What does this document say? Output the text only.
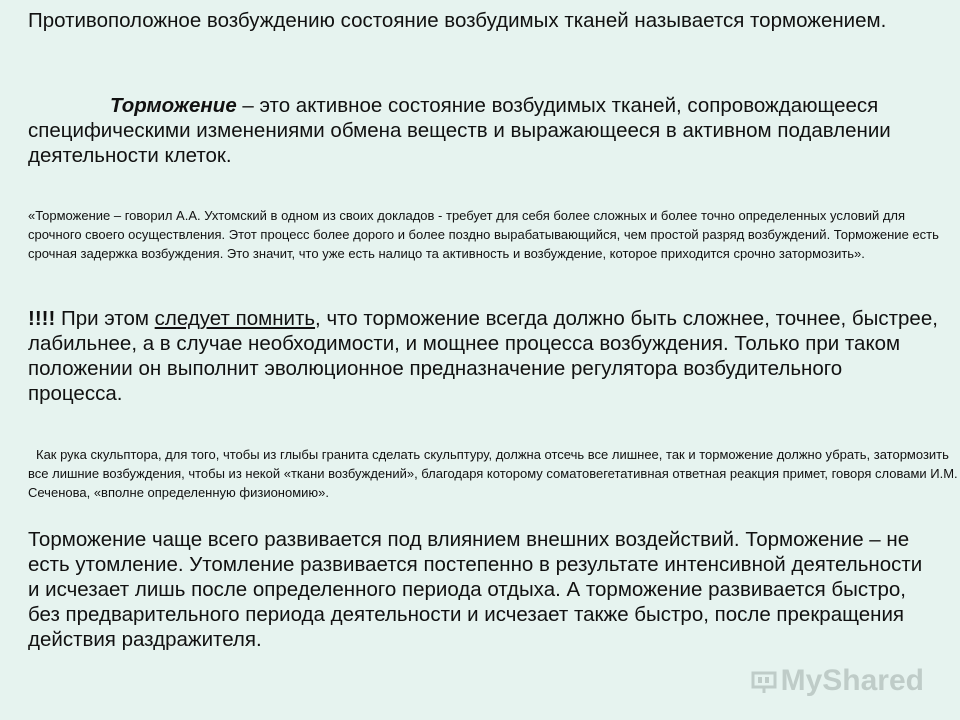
Противоположное возбуждению состояние возбудимых тканей называется торможением.

Торможение – это активное состояние возбудимых тканей, сопровождающееся специфическими изменениями обмена веществ и выражающееся в активном подавлении деятельности клеток.

«Торможение – говорил А.А. Ухтомский в одном из своих докладов - требует для себя более сложных и более точно определенных условий для срочного своего осуществления. Этот процесс более дорого и более поздно вырабатывающийся, чем простой разряд возбуждений. Торможение есть срочная задержка возбуждения. Это значит, что уже есть налицо та активность и возбуждение, которое приходится срочно затормозить».

!!!! При этом следует помнить, что торможение всегда должно быть сложнее, точнее, быстрее, лабильнее, а в случае необходимости, и мощнее процесса возбуждения. Только при таком положении он выполнит эволюционное предназначение регулятора возбудительного процесса.

Как рука скульптора, для того, чтобы из глыбы гранита сделать скульптуру, должна отсечь все лишнее, так и торможение должно убрать, затормозить все лишние возбуждения, чтобы из некой «ткани возбуждений», благодаря которому соматовегетативная ответная реакция примет, говоря словами И.М. Сеченова, «вполне определенную физиономию».

Торможение чаще всего развивается под влиянием внешних воздействий. Торможение – не есть утомление. Утомление развивается постепенно в результате интенсивной деятельности и исчезает лишь после определенного периода отдыха. А торможение развивается быстро, без предварительного периода деятельности и исчезает также быстро, после прекращения действия раздражителя.

MyShared
